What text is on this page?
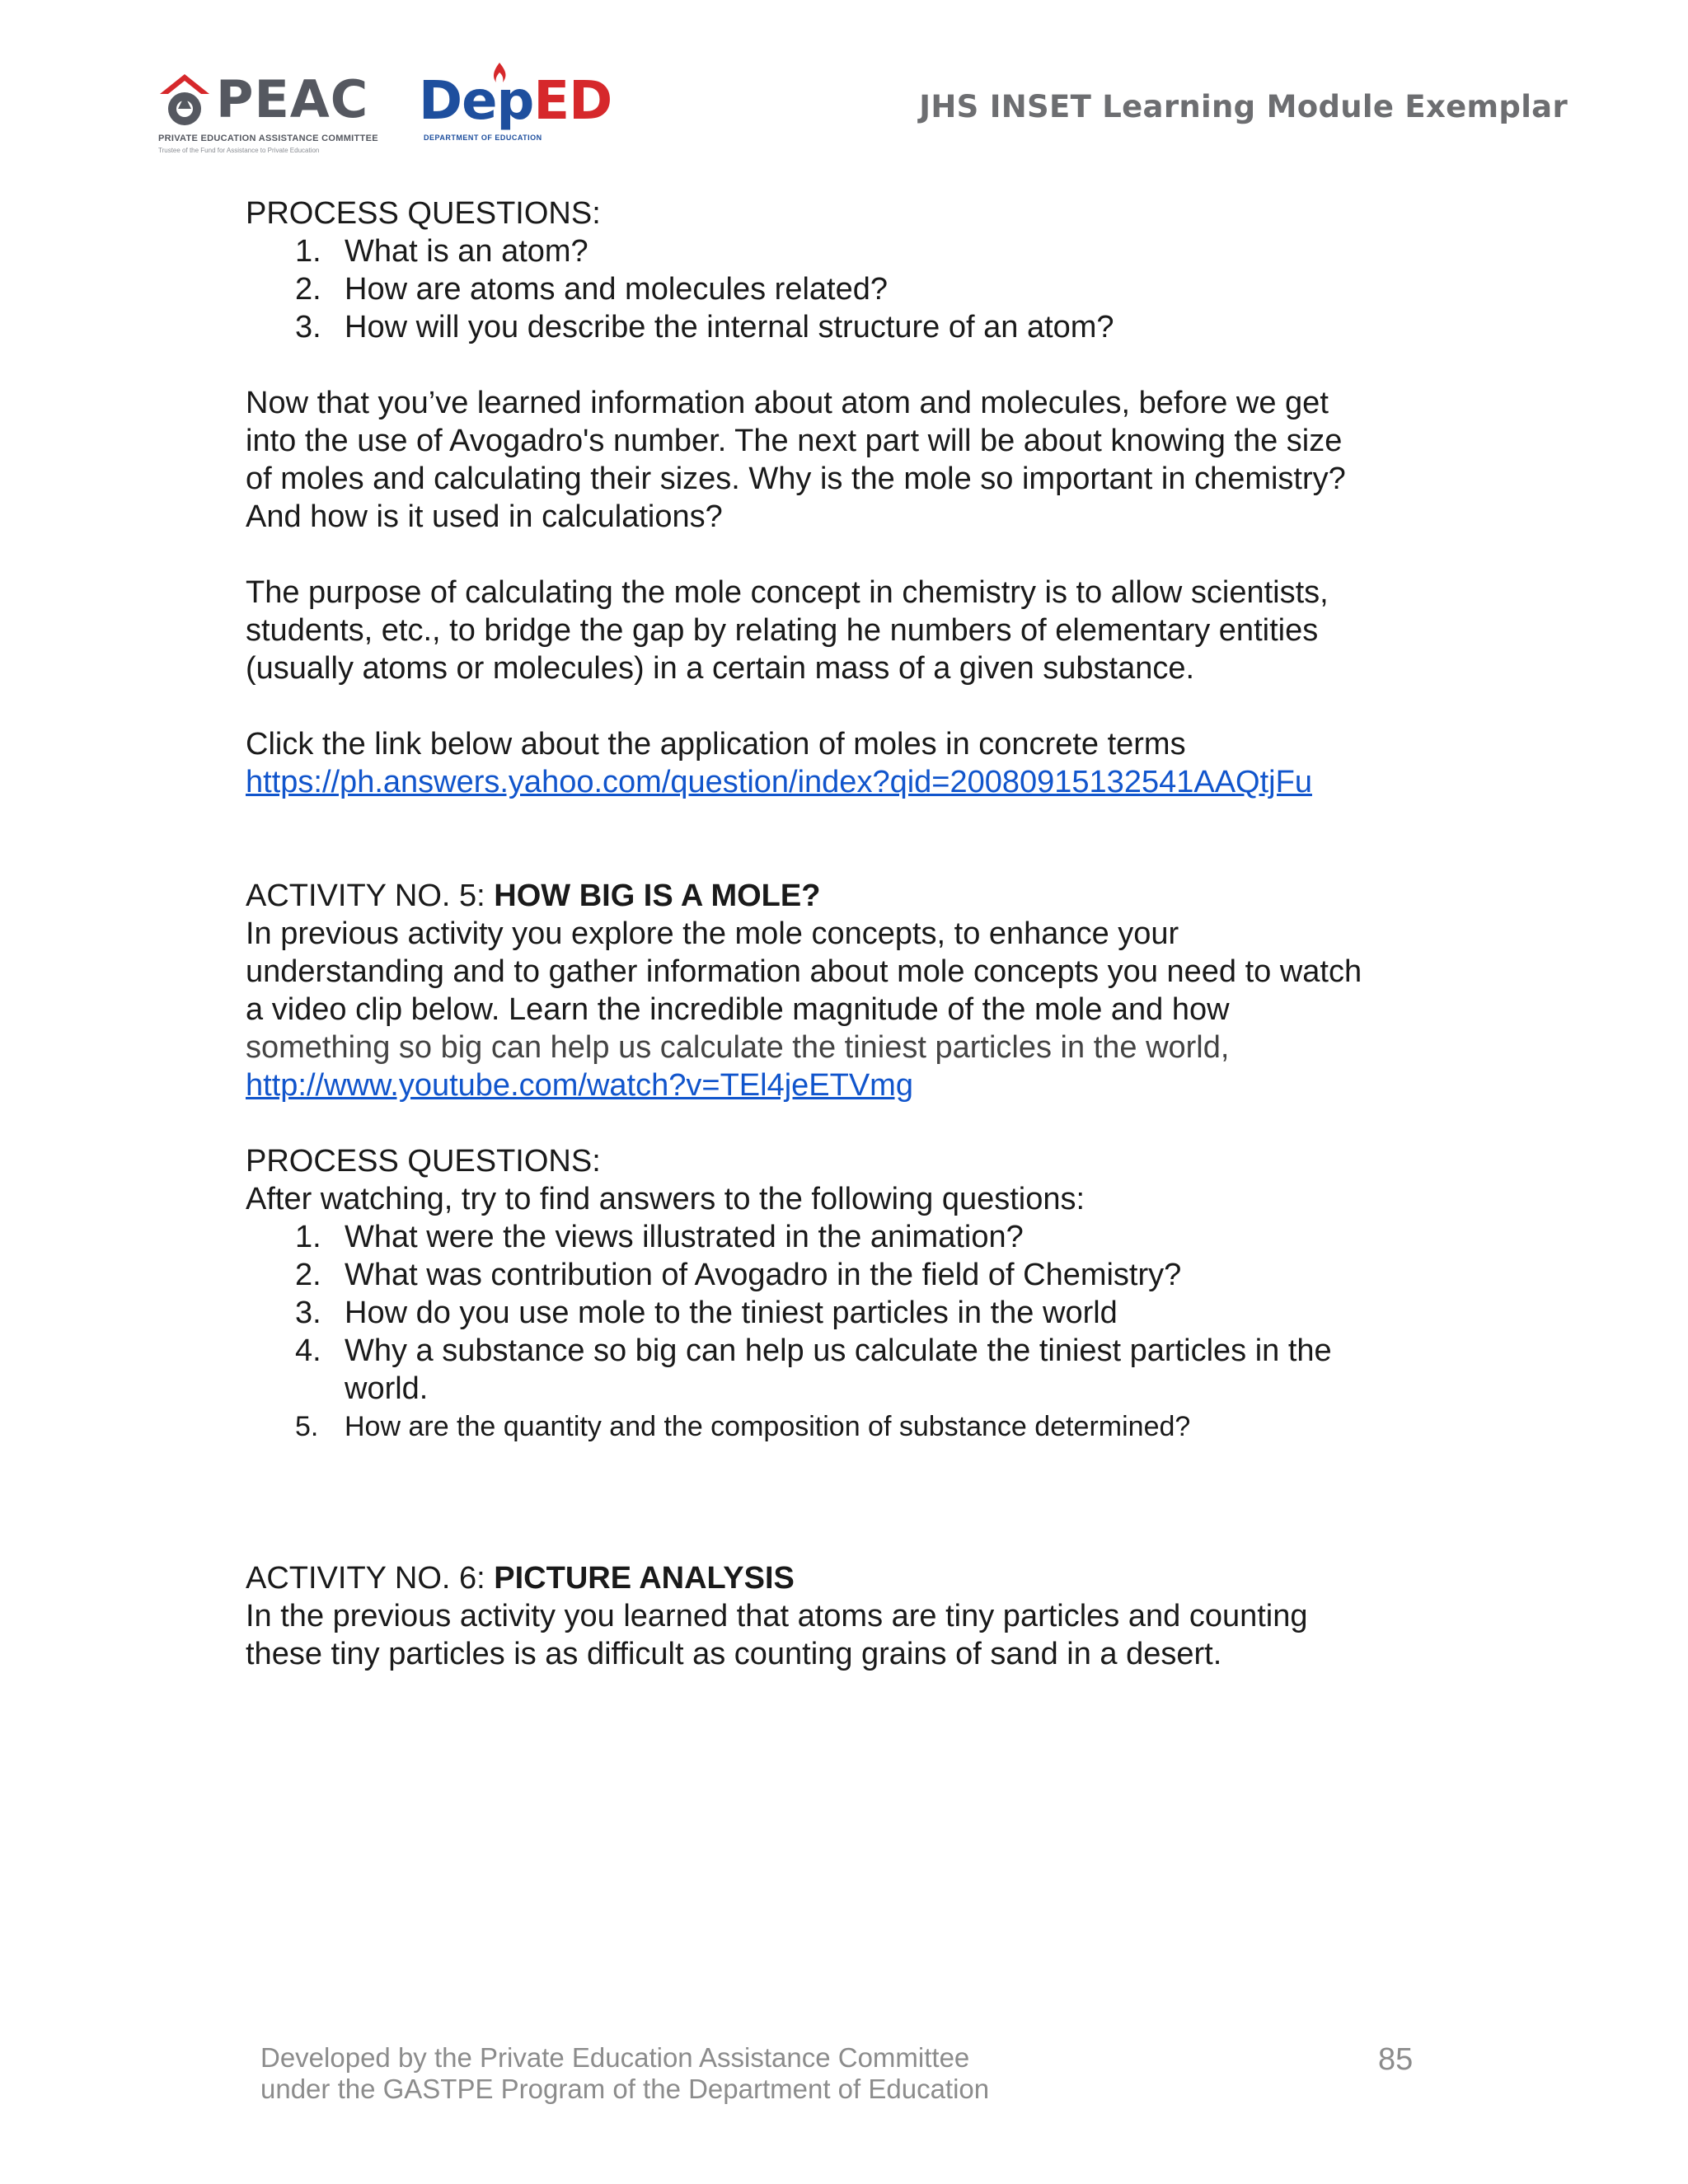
PEAC
PRIVATE EDUCATION ASSISTANCE COMMITTEE
Trustee of the Fund for Assistance to Private Education
DepED
DEPARTMENT OF EDUCATION
JHS INSET Learning Module Exemplar

PROCESS QUESTIONS:

1. What is an atom?
2. How are atoms and molecules related?
3. How will you describe the internal structure of an atom?

Now that you’ve learned information about atom and molecules, before we get

into the use of Avogadro's number. The next part will be about knowing the size

of moles and calculating their sizes. Why is the mole so important in chemistry?

And how is it used in calculations?

The purpose of calculating the mole concept in chemistry is to allow scientists,

students, etc., to bridge the gap by relating he numbers of elementary entities

(usually atoms or molecules) in a certain mass of a given substance.

Click the link below about the application of moles in concrete terms

https://ph.answers.yahoo.com/question/index?qid=20080915132541AAQtjFu

ACTIVITY NO. 5: HOW BIG IS A MOLE?

In previous activity you explore the mole concepts, to enhance your

understanding and to gather information about mole concepts you need to watch

a video clip below. Learn the incredible magnitude of the mole and how

something so big can help us calculate the tiniest particles in the world,

http://www.youtube.com/watch?v=TEl4jeETVmg

PROCESS QUESTIONS:

After watching, try to find answers to the following questions:

1. What were the views illustrated in the animation?
2. What was contribution of Avogadro in the field of Chemistry?
3. How do you use mole to the tiniest particles in the world
4. Why a substance so big can help us calculate the tiniest particles in the
world.
5. How are the quantity and the composition of substance determined?

ACTIVITY NO. 6: PICTURE ANALYSIS

In the previous activity you learned that atoms are tiny particles and counting

these tiny particles is as difficult as counting grains of sand in a desert.

Developed by the Private Education Assistance Committee
under the GASTPE Program of the Department of Education
85
